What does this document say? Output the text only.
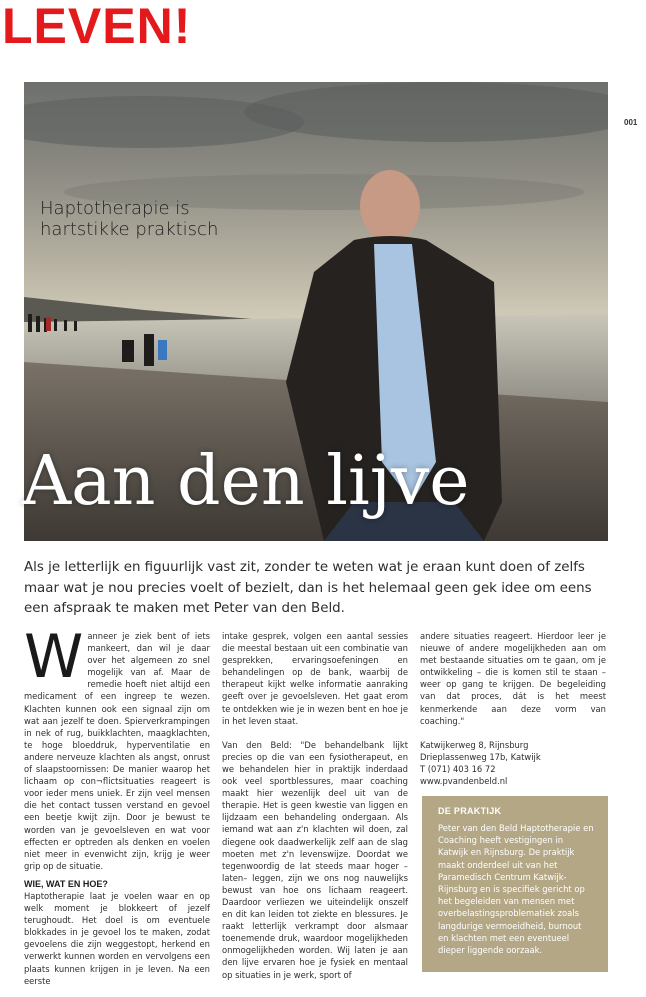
LEVEN!
001
Haptotherapie is
hartstikke praktisch
Aan den lijve
Als je letterlijk en figuurlijk vast zit, zonder te weten wat je eraan kunt doen of zelfs maar wat je nou precies voelt of bezielt, dan is het helemaal geen gek idee om eens een afspraak te maken met Peter van den Beld.
W anneer je ziek bent of iets mankeert, dan wil je daar over het algemeen zo snel mogelijk van af. Maar de remedie hoeft niet altijd een medicament of een ingreep te wezen. Klachten kunnen ook een signaal zijn om wat aan jezelf te doen. Spierverkrampingen in nek of rug, buikklachten, maagklachten, te hoge bloeddruk, hyperventilatie en andere nerveuze klachten als angst, onrust of slaapstoornissen: De manier waarop het lichaam op con¬flictsituaties reageert is voor ieder mens uniek. Er zijn veel mensen die het contact tussen verstand en gevoel een beetje kwijt zijn. Door je bewust te worden van je gevoelsleven en wat voor effecten er optreden als denken en voelen niet meer in evenwicht zijn, krijg je weer grip op de situatie.

WIE, WAT EN HOE?

Haptotherapie laat je voelen waar en op welk moment je blokkeert of jezelf terughoudt. Het doel is om eventuele blokkades in je gevoel los te maken, zodat gevoelens die zijn weggestopt, herkend en verwerkt kunnen worden en vervolgens een plaats kunnen krijgen in je leven. Na een eerste

intake gesprek, volgen een aantal sessies die meestal bestaan uit een combinatie van gesprekken, ervaringsoefeningen en behandelingen op de bank, waarbij de therapeut kijkt welke informatie aanraking geeft over je gevoelsleven. Het gaat erom te ontdekken wie je in wezen bent en hoe je in het leven staat.

Van den Beld: "De behandelbank lijkt precies op die van een fysiotherapeut, en we behandelen hier in praktijk inderdaad ook veel sportblessures, maar coaching maakt hier wezenlijk deel uit van de therapie. Het is geen kwestie van liggen en lijdzaam een behandeling ondergaan. Als iemand wat aan z'n klachten wil doen, zal diegene ook daadwerkelijk zelf aan de slag moeten met z'n levenswijze. Doordat we tegenwoordig de lat steeds maar hoger –laten– leggen, zijn we ons nog nauwelijks bewust van hoe ons lichaam reageert. Daardoor verliezen we uiteindelijk onszelf en dit kan leiden tot ziekte en blessures. Je raakt letterlijk verkrampt door alsmaar toenemende druk, waardoor mogelijkheden onmogelijkheden worden. Wij laten je aan den lijve ervaren hoe je fysiek en mentaal op situaties in je werk, sport of

andere situaties reageert. Hierdoor leer je nieuwe of andere mogelijkheden aan om met bestaande situaties om te gaan, om je ontwikkeling – die is komen stil te staan – weer op gang te krijgen. De begeleiding van dat proces, dát is het meest kenmerkende aan deze vorm van coaching."

Katwijkerweg 8, Rijnsburg
Drieplassenweg 17b, Katwijk
T (071) 403 16 72
www.pvandenbeld.nl
DE PRAKTIJK
Peter van den Beld Haptotherapie en Coaching heeft vestigingen in Katwijk en Rijnsburg. De praktijk maakt onderdeel uit van het Paramedisch Centrum Katwijk-Rijnsburg en is specifiek gericht op het begeleiden van mensen met overbelastingsproblematiek zoals langdurige vermoeidheid, burnout en klachten met een eventueel dieper liggende oorzaak.
